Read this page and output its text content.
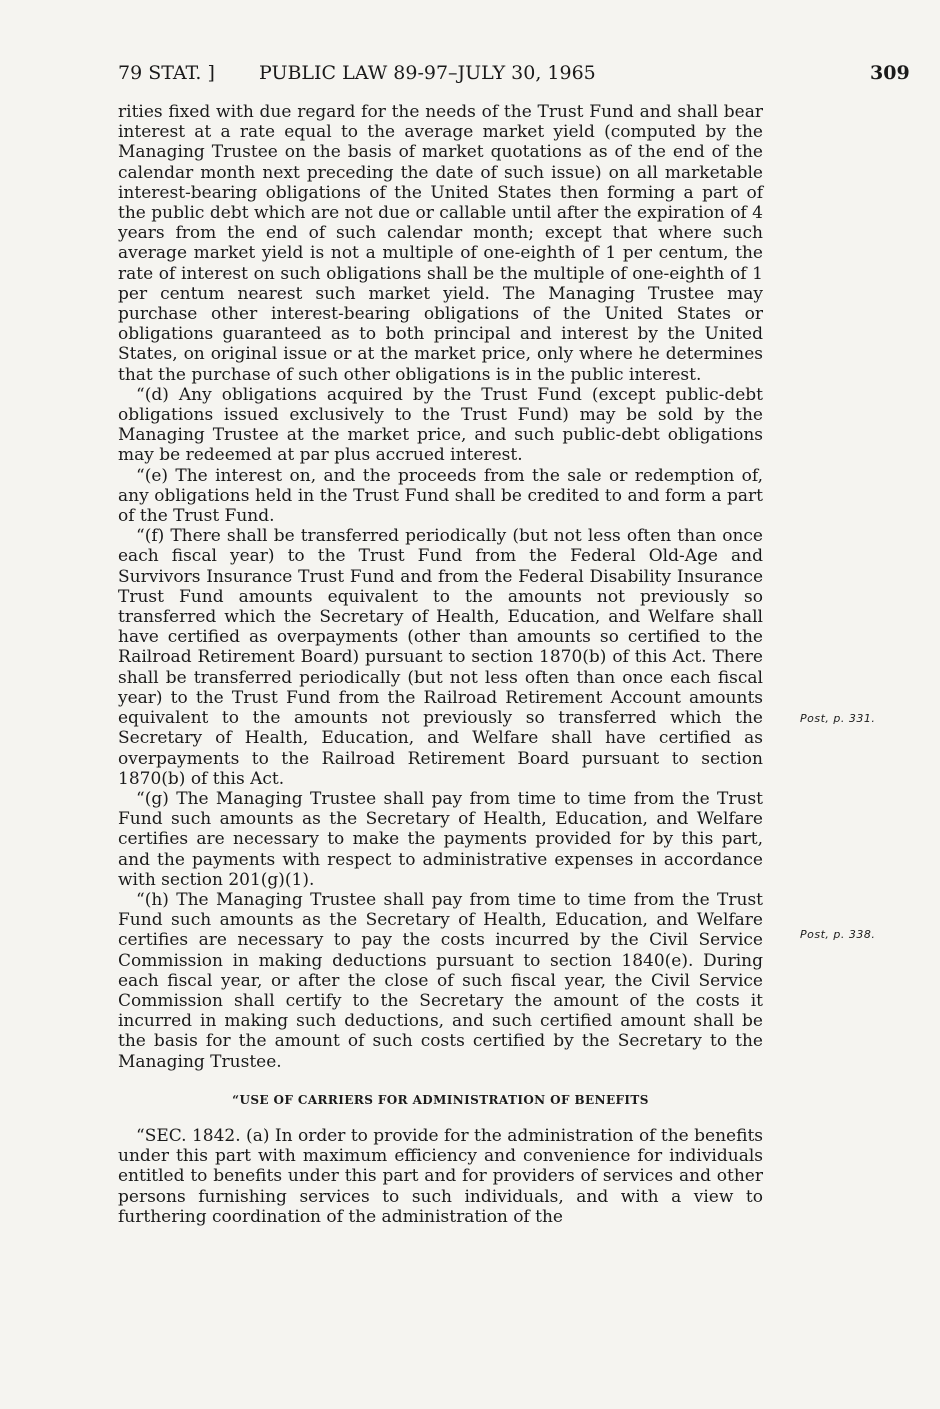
79 STAT. ] PUBLIC LAW 89-97–JULY 30, 1965	309

rities fixed with due regard for the needs of the Trust Fund and shall bear interest at a rate equal to the average market yield (computed by the Managing Trustee on the basis of market quotations as of the end of the calendar month next preceding the date of such issue) on all marketable interest-bearing obligations of the United States then forming a part of the public debt which are not due or callable until after the expiration of 4 years from the end of such calendar month; except that where such average market yield is not a multiple of one-eighth of 1 per centum, the rate of interest on such obligations shall be the multiple of one-eighth of 1 per centum nearest such market yield. The Managing Trustee may purchase other interest-bearing obligations of the United States or obligations guaranteed as to both principal and interest by the United States, on original issue or at the market price, only where he determines that the purchase of such other obligations is in the public interest.

“(d) Any obligations acquired by the Trust Fund (except public-debt obligations issued exclusively to the Trust Fund) may be sold by the Managing Trustee at the market price, and such public-debt obligations may be redeemed at par plus accrued interest.

“(e) The interest on, and the proceeds from the sale or redemption of, any obligations held in the Trust Fund shall be credited to and form a part of the Trust Fund.

“(f) There shall be transferred periodically (but not less often than once each fiscal year) to the Trust Fund from the Federal Old-Age and Survivors Insurance Trust Fund and from the Federal Disability Insurance Trust Fund amounts equivalent to the amounts not previously so transferred which the Secretary of Health, Education, and Welfare shall have certified as overpayments (other than amounts so certified to the Railroad Retirement Board) pursuant to section 1870(b) of this Act. There shall be transferred periodically (but not less often than once each fiscal year) to the Trust Fund from the Railroad Retirement Account amounts equivalent to the amounts not previously so transferred which the Secretary of Health, Education, and Welfare shall have certified as overpayments to the Railroad Retirement Board pursuant to section 1870(b) of this Act.

“(g) The Managing Trustee shall pay from time to time from the Trust Fund such amounts as the Secretary of Health, Education, and Welfare certifies are necessary to make the payments provided for by this part, and the payments with respect to administrative expenses in accordance with section 201(g)(1).

“(h) The Managing Trustee shall pay from time to time from the Trust Fund such amounts as the Secretary of Health, Education, and Welfare certifies are necessary to pay the costs incurred by the Civil Service Commission in making deductions pursuant to section 1840(e). During each fiscal year, or after the close of such fiscal year, the Civil Service Commission shall certify to the Secretary the amount of the costs it incurred in making such deductions, and such certified amount shall be the basis for the amount of such costs certified by the Secretary to the Managing Trustee.

“USE OF CARRIERS FOR ADMINISTRATION OF BENEFITS

“SEC. 1842. (a) In order to provide for the administration of the benefits under this part with maximum efficiency and convenience for individuals entitled to benefits under this part and for providers of services and other persons furnishing services to such individuals, and with a view to furthering coordination of the administration of the

Post, p. 331.
Post, p. 338.
